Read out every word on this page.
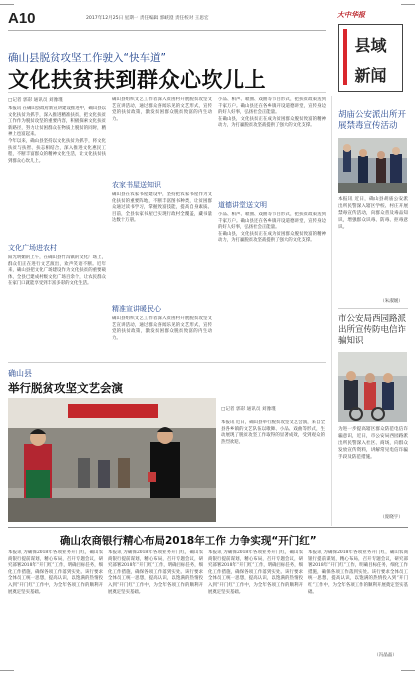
A10	2017年12月25日 星期一 责任编辑 郭峡澄 责任校对 王思宏	大中华报
县域
新闻
确山县脱贫攻坚工作驶入“快车道”
文化扶贫扶到群众心坎儿上
□记者 郭彩 通讯员 刘豫瑾
本报讯 在确山县政府新宣讲建设推进中，确山县以文化扶贫为抓手，深入推进精准扶贫，把文化扶贫工作作为脱贫攻坚的重要内容，积极探索文化扶贫新路径，努力让贫困群众在物质上脱贫的同时，精神上也富起来。
今年以来，确山县坚持以文化扶贫为抓手，将文化扶贫与扶智、扶志相结合，深入推进文化惠民工程，不断丰富群众的精神文化生活，让文化扶贫扶到群众心坎儿上。
文化广场进农村
阳光明媚的上午，在确山县竹沟镇的文化广场上，群众们正在进行文艺演出，欢声笑语不断。近年来，确山县把文化广场建设作为文化扶贫的重要载体，全县已建成村级文化广场百余个，让农民群众在家门口就能享受到丰富多彩的文化生活。
确山县组织文艺工作者深入贫困村开展脱贫攻坚文艺宣讲活动，通过群众喜闻乐见的文艺形式，宣传党的扶贫政策，激发贫困群众脱贫致富的内生动力。
农家书屋送知识
确山县在农家书屋建设中，坚持把农家书屋作为文化扶贫的重要阵地，不断丰富图书种类，让贫困群众通过读书学习，掌握致富技能，提高自身素质。目前，全县农家书屋已实现行政村全覆盖，藏书量达数十万册。
精准宣讲暖民心
确山县组织文艺工作者深入贫困村开展脱贫攻坚文艺宣讲活动，通过群众喜闻乐见的文艺形式，宣传党的扶贫政策，激发贫困群众脱贫致富的内生动力。
小品、相声、歌曲、戏曲等节目形式，把扶贫政策送到千家万户。确山县还在各乡镇开设道德讲堂，宣传身边的好人好事，弘扬社会正能量。
在确山县，文化扶贫正在成为贫困群众脱贫致富的精神动力，为打赢脱贫攻坚战提供了强大的文化支撑。
道德讲堂送文明
小品、相声、歌曲、戏曲等节目形式，把扶贫政策送到千家万户。确山县还在各乡镇开设道德讲堂，宣传身边的好人好事，弘扬社会正能量。
在确山县，文化扶贫正在成为贫困群众脱贫致富的精神动力，为打赢脱贫攻坚战提供了强大的文化支撑。
胡庙公安派出所开展禁毒宣传活动
本报讯 近日，确山县胡庙公安派出所民警深入辖区学校、村庄开展禁毒宣传活动，向群众普及毒品知识，增强群众识毒、防毒、拒毒意识。
（朱淑媛）
市公安局西园路派出所宣传防电信诈骗知识
为进一步提高辖区群众防范电信诈骗意识，近日，市公安局西园路派出所民警深入社区、商场，向群众发放宣传资料，讲解常见电信诈骗手段及防范措施。
（庞晓宇）
确山县
举行脱贫攻坚文艺会演
□记者 郭彩 通讯员 刘豫瑾
本报讯 近日，确山县举行脱贫攻坚文艺会演，来自全县各乡镇的文艺队伍以歌舞、小品、戏曲等形式，生动展现了脱贫攻坚工作取得的显著成效，受到观众的热烈欢迎。
确山农商银行精心布局2018年工作 力争实现“开门红”
本报讯 为确保2018年各项业务开门红，确山农商银行提前谋划，精心布局，召开专题会议，研究部署2018年“开门红”工作，明确目标任务，细化工作措施，确保各项工作落到实处。该行要求全体员工统一思想，提高认识，以饱满的热情投入到“开门红”工作中，为全年各项工作的顺利开展奠定坚实基础。
本报讯 为确保2018年各项业务开门红，确山农商银行提前谋划，精心布局，召开专题会议，研究部署2018年“开门红”工作，明确目标任务，细化工作措施，确保各项工作落到实处。该行要求全体员工统一思想，提高认识，以饱满的热情投入到“开门红”工作中，为全年各项工作的顺利开展奠定坚实基础。
本报讯 为确保2018年各项业务开门红，确山农商银行提前谋划，精心布局，召开专题会议，研究部署2018年“开门红”工作，明确目标任务，细化工作措施，确保各项工作落到实处。该行要求全体员工统一思想，提高认识，以饱满的热情投入到“开门红”工作中，为全年各项工作的顺利开展奠定坚实基础。
本报讯 为确保2018年各项业务开门红，确山农商银行提前谋划，精心布局，召开专题会议，研究部署2018年“开门红”工作，明确目标任务，细化工作措施，确保各项工作落到实处。该行要求全体员工统一思想，提高认识，以饱满的热情投入到“开门红”工作中，为全年各项工作的顺利开展奠定坚实基础。
（冯晶晶）
